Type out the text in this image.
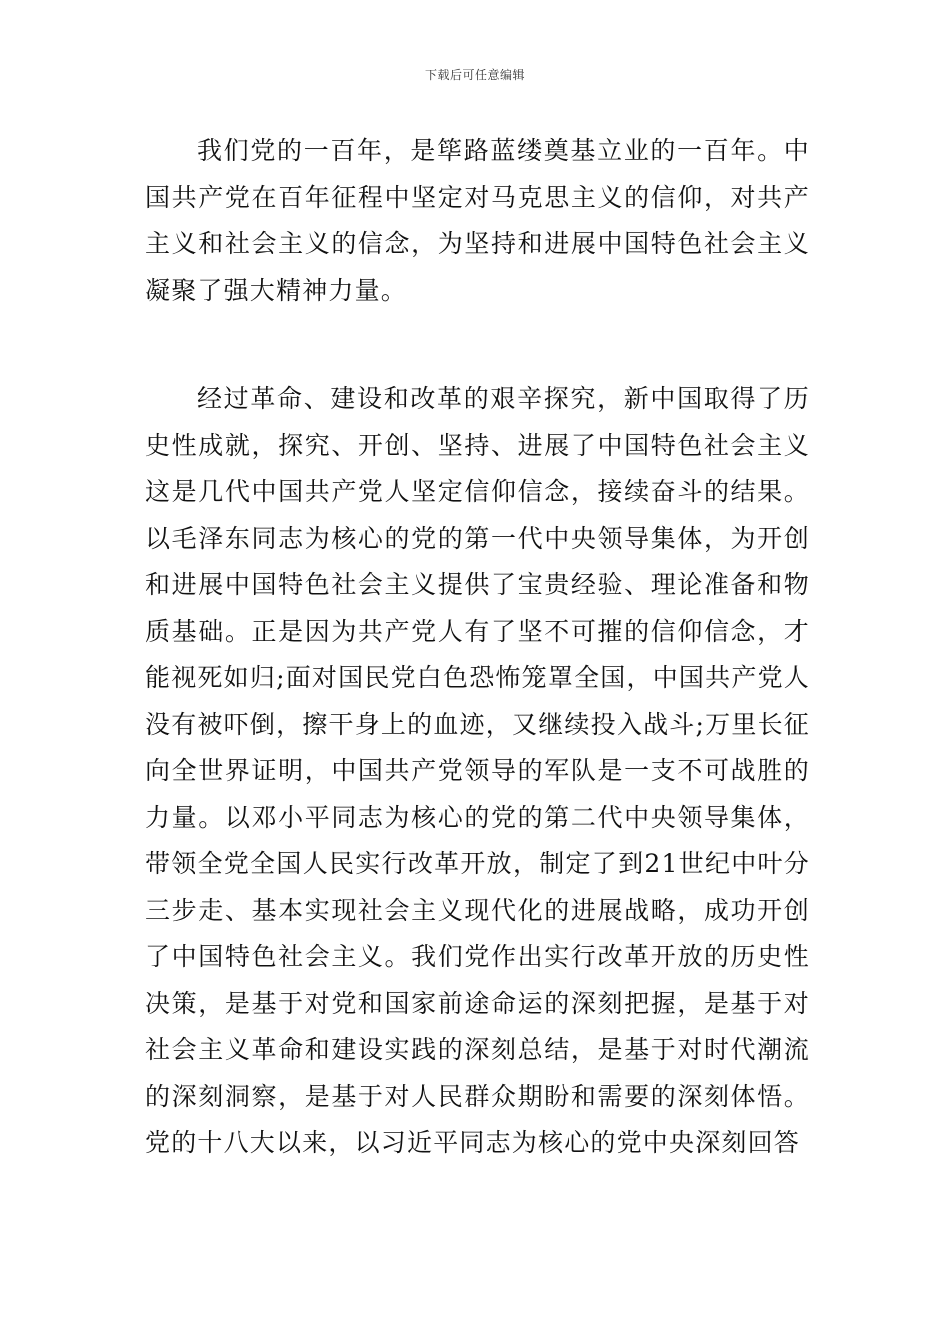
下载后可任意编辑

我们党的一百年，是筚路蓝缕奠基立业的一百年。中国共产党在百年征程中坚定对马克思主义的信仰，对共产主义和社会主义的信念，为坚持和进展中国特色社会主义凝聚了强大精神力量。

经过革命、建设和改革的艰辛探究，新中国取得了历史性成就，探究、开创、坚持、进展了中国特色社会主义这是几代中国共产党人坚定信仰信念，接续奋斗的结果。以毛泽东同志为核心的党的第一代中央领导集体，为开创和进展中国特色社会主义提供了宝贵经验、理论准备和物质基础。正是因为共产党人有了坚不可摧的信仰信念，才能视死如归;面对国民党白色恐怖笼罩全国，中国共产党人没有被吓倒，擦干身上的血迹，又继续投入战斗;万里长征向全世界证明，中国共产党领导的军队是一支不可战胜的力量。以邓小平同志为核心的党的第二代中央领导集体，带领全党全国人民实行改革开放，制定了到21世纪中叶分三步走、基本实现社会主义现代化的进展战略，成功开创了中国特色社会主义。我们党作出实行改革开放的历史性决策，是基于对党和国家前途命运的深刻把握，是基于对社会主义革命和建设实践的深刻总结，是基于对时代潮流的深刻洞察，是基于对人民群众期盼和需要的深刻体悟。党的十八大以来，以习近平同志为核心的党中央深刻回答
